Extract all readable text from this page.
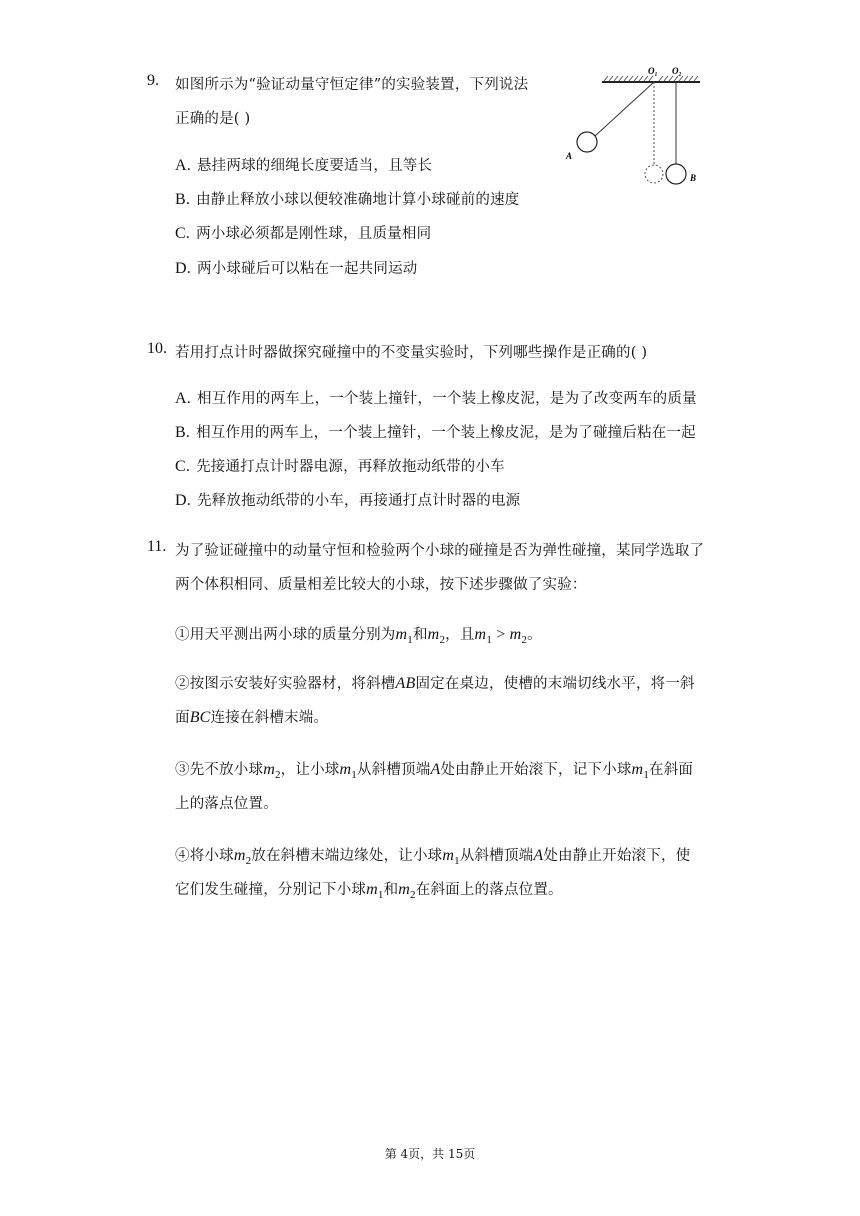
9. 如图所示为“验证动量守恒定律”的实验装置，下列说法
正确的是( )
A. 悬挂两球的细绳长度要适当，且等长
B. 由静止释放小球以便较准确地计算小球碰前的速度
C. 两小球必须都是刚性球，且质量相同
D. 两小球碰后可以粘在一起共同运动
O₁ O₂
A
B
10. 若用打点计时器做探究碰撞中的不变量实验时，下列哪些操作是正确的( )
A. 相互作用的两车上，一个装上撞针，一个装上橡皮泥，是为了改变两车的质量
B. 相互作用的两车上，一个装上撞针，一个装上橡皮泥，是为了碰撞后粘在一起
C. 先接通打点计时器电源，再释放拖动纸带的小车
D. 先释放拖动纸带的小车，再接通打点计时器的电源
11. 为了验证碰撞中的动量守恒和检验两个小球的碰撞是否为弹性碰撞，某同学选取了
两个体积相同、质量相差比较大的小球，按下述步骤做了实验：
①用天平测出两小球的质量分别为$m_1$和$m_2$，且$m_1 > m_2$。
②按图示安装好实验器材，将斜槽AB固定在桌边，使槽的末端切线水平，将一斜
面BC连接在斜槽末端。
③先不放小球$m_2$，让小球$m_1$从斜槽顶端A处由静止开始滚下，记下小球$m_1$在斜面
上的落点位置。
④将小球$m_2$放在斜槽末端边缘处，让小球$m_1$从斜槽顶端A处由静止开始滚下，使
它们发生碰撞，分别记下小球$m_1$和$m_2$在斜面上的落点位置。
第 4页，共 15页
